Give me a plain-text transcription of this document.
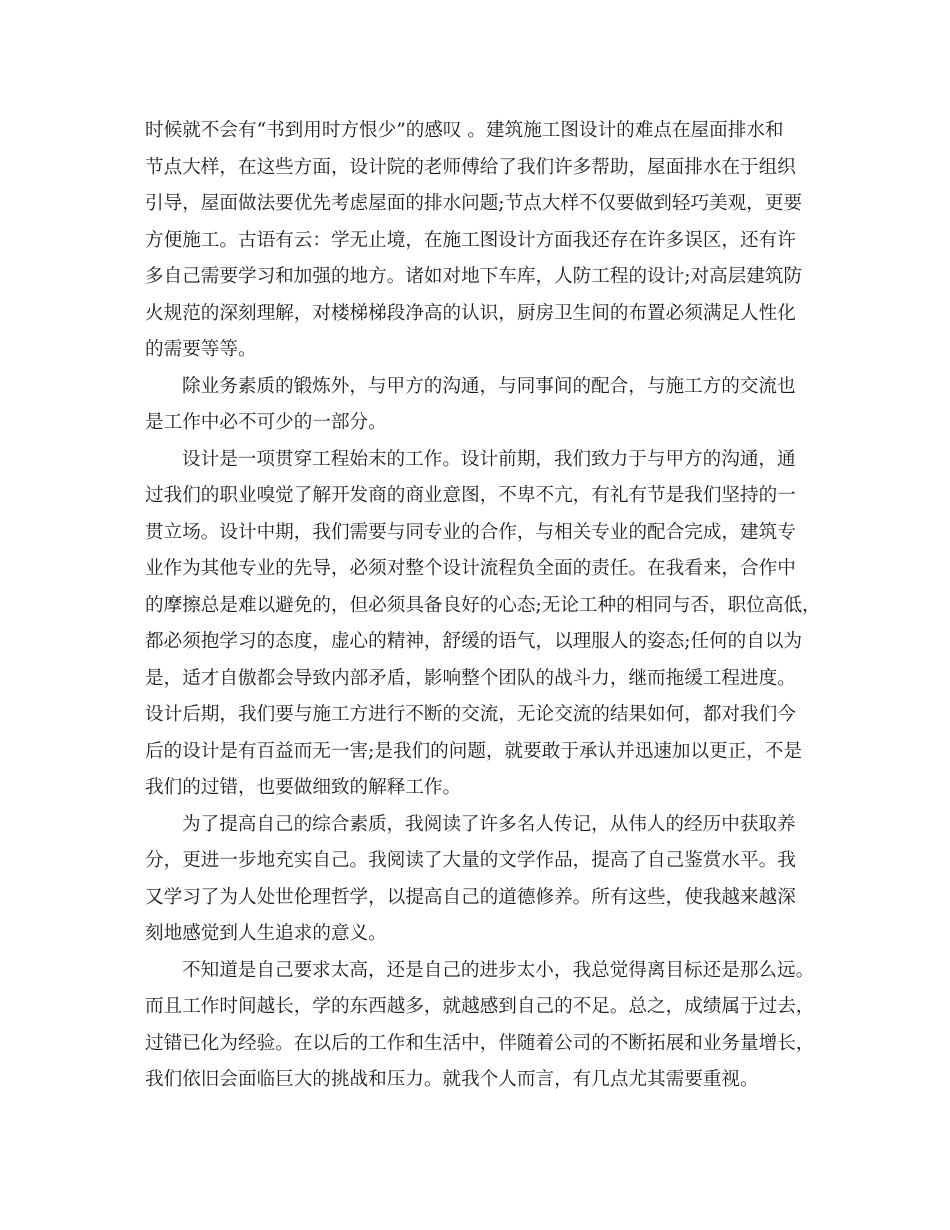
时候就不会有“书到用时方恨少”的感叹 。建筑施工图设计的难点在屋面排水和
节点大样，在这些方面，设计院的老师傅给了我们许多帮助，屋面排水在于组织
引导，屋面做法要优先考虑屋面的排水问题;节点大样不仅要做到轻巧美观，更要
方便施工。古语有云：学无止境，在施工图设计方面我还存在许多误区，还有许
多自己需要学习和加强的地方。诸如对地下车库，人防工程的设计;对高层建筑防
火规范的深刻理解，对楼梯梯段净高的认识，厨房卫生间的布置必须满足人性化
的需要等等。
除业务素质的锻炼外，与甲方的沟通，与同事间的配合，与施工方的交流也
是工作中必不可少的一部分。
设计是一项贯穿工程始末的工作。设计前期，我们致力于与甲方的沟通，通
过我们的职业嗅觉了解开发商的商业意图，不卑不亢，有礼有节是我们坚持的一
贯立场。设计中期，我们需要与同专业的合作，与相关专业的配合完成，建筑专
业作为其他专业的先导，必须对整个设计流程负全面的责任。在我看来，合作中
的摩擦总是难以避免的，但必须具备良好的心态;无论工种的相同与否，职位高低，
都必须抱学习的态度，虚心的精神，舒缓的语气，以理服人的姿态;任何的自以为
是，适才自傲都会导致内部矛盾，影响整个团队的战斗力，继而拖缓工程进度。
设计后期，我们要与施工方进行不断的交流，无论交流的结果如何，都对我们今
后的设计是有百益而无一害;是我们的问题，就要敢于承认并迅速加以更正，不是
我们的过错，也要做细致的解释工作。
为了提高自己的综合素质，我阅读了许多名人传记，从伟人的经历中获取养
分，更进一步地充实自己。我阅读了大量的文学作品，提高了自己鉴赏水平。我
又学习了为人处世伦理哲学，以提高自己的道德修养。所有这些，使我越来越深
刻地感觉到人生追求的意义。
不知道是自己要求太高，还是自己的进步太小，我总觉得离目标还是那么远。
而且工作时间越长，学的东西越多，就越感到自己的不足。总之，成绩属于过去，
过错已化为经验。在以后的工作和生活中，伴随着公司的不断拓展和业务量增长，
我们依旧会面临巨大的挑战和压力。就我个人而言，有几点尤其需要重视。
